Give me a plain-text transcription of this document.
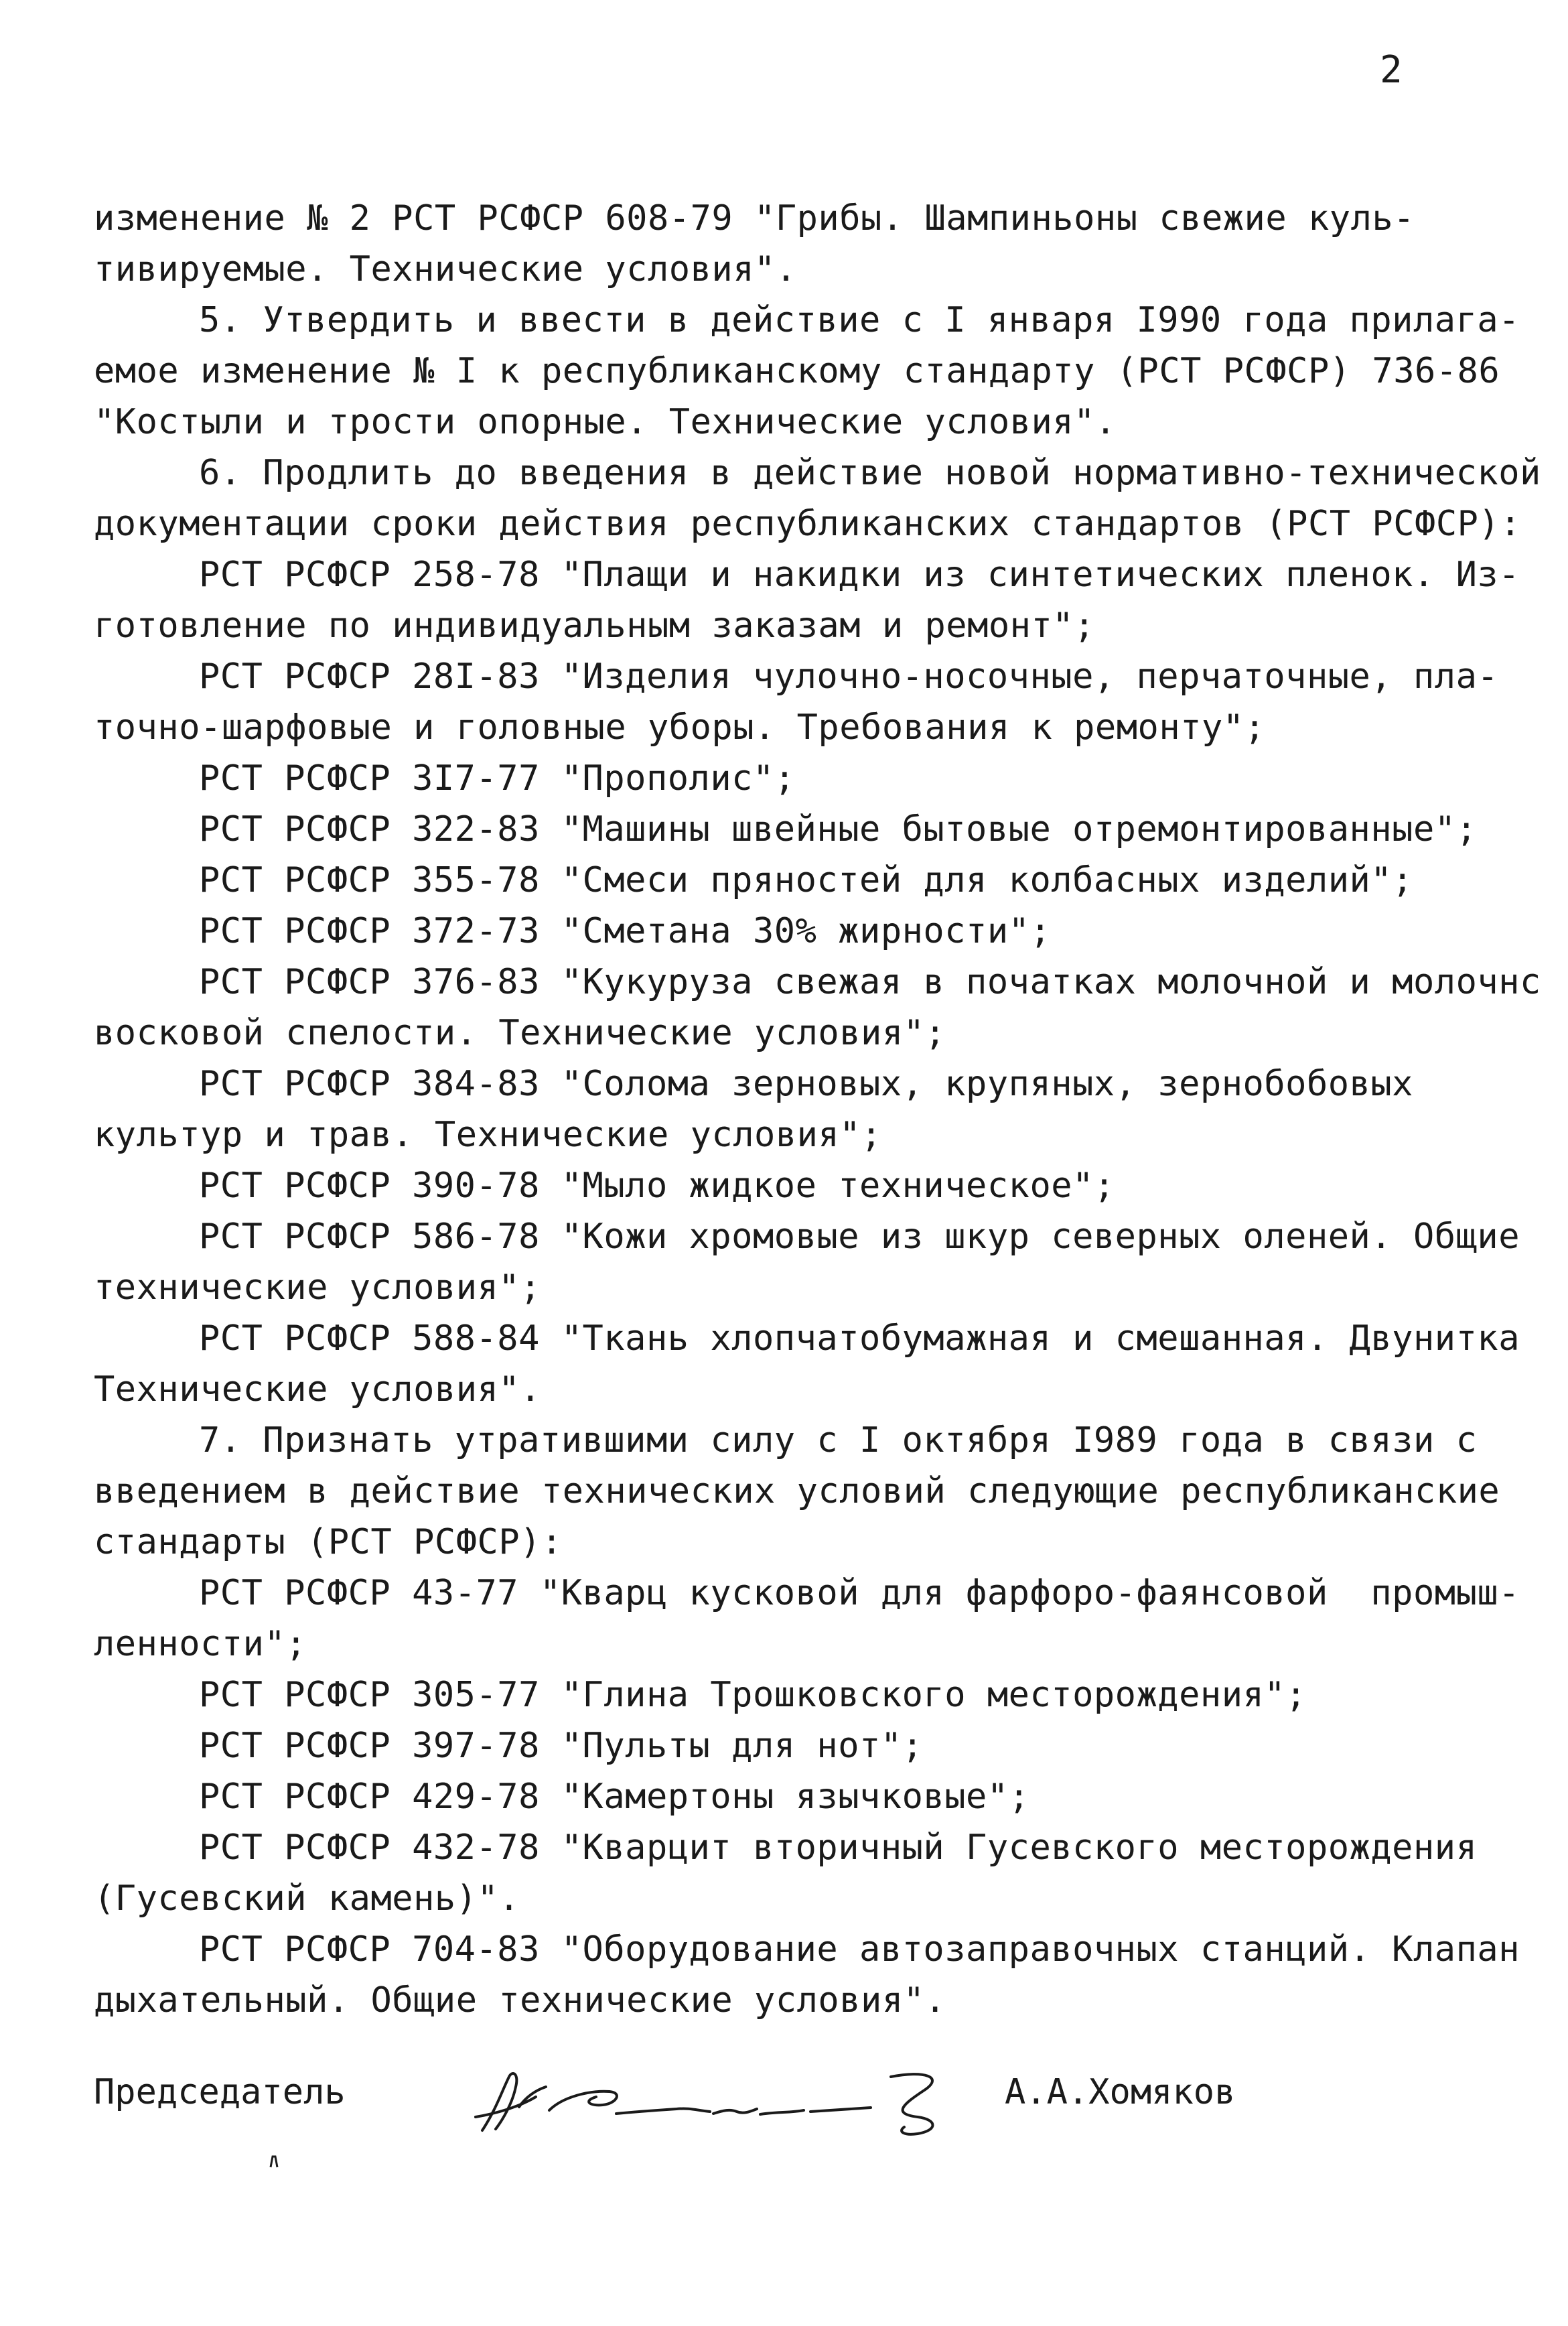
2
изменение № 2 РСТ РСФСР 608-79 "Грибы. Шампиньоны свежие куль-
тивируемые. Технические условия".
5. Утвердить и ввести в действие с I января I990 года прилага-
емое изменение № I к республиканскому стандарту (РСТ РСФСР) 736-86
"Костыли и трости опорные. Технические условия".
6. Продлить до введения в действие новой нормативно-технической
документации сроки действия республиканских стандартов (РСТ РСФСР):
РСТ РСФСР 258-78 "Плащи и накидки из синтетических пленок. Из-
готовление по индивидуальным заказам и ремонт";
РСТ РСФСР 28I-83 "Изделия чулочно-носочные, перчаточные, пла-
точно-шарфовые и головные уборы. Требования к ремонту";
РСТ РСФСР 3I7-77 "Прополис";
РСТ РСФСР 322-83 "Машины швейные бытовые отремонтированные";
РСТ РСФСР 355-78 "Смеси пряностей для колбасных изделий";
РСТ РСФСР 372-73 "Сметана 30% жирности";
РСТ РСФСР 376-83 "Кукуруза свежая в початках молочной и молочнс
восковой спелости. Технические условия";
РСТ РСФСР 384-83 "Солома зерновых, крупяных, зернобобовых
культур и трав. Технические условия";
РСТ РСФСР 390-78 "Мыло жидкое техническое";
РСТ РСФСР 586-78 "Кожи хромовые из шкур северных оленей. Общие
технические условия";
РСТ РСФСР 588-84 "Ткань хлопчатобумажная и смешанная. Двунитка
Технические условия".
7. Признать утратившими силу с I октября I989 года в связи с
введением в действие технических условий следующие республиканские
стандарты (РСТ РСФСР):
РСТ РСФСР 43-77 "Кварц кусковой для фарфоро-фаянсовой  промыш-
ленности";
РСТ РСФСР 305-77 "Глина Трошковского месторождения";
РСТ РСФСР 397-78 "Пульты для нот";
РСТ РСФСР 429-78 "Камертоны язычковые";
РСТ РСФСР 432-78 "Кварцит вторичный Гусевского месторождения
(Гусевский камень)".
РСТ РСФСР 704-83 "Оборудование автозаправочных станций. Клапан
дыхательный. Общие технические условия".
Председатель	А.А.Хомяков
